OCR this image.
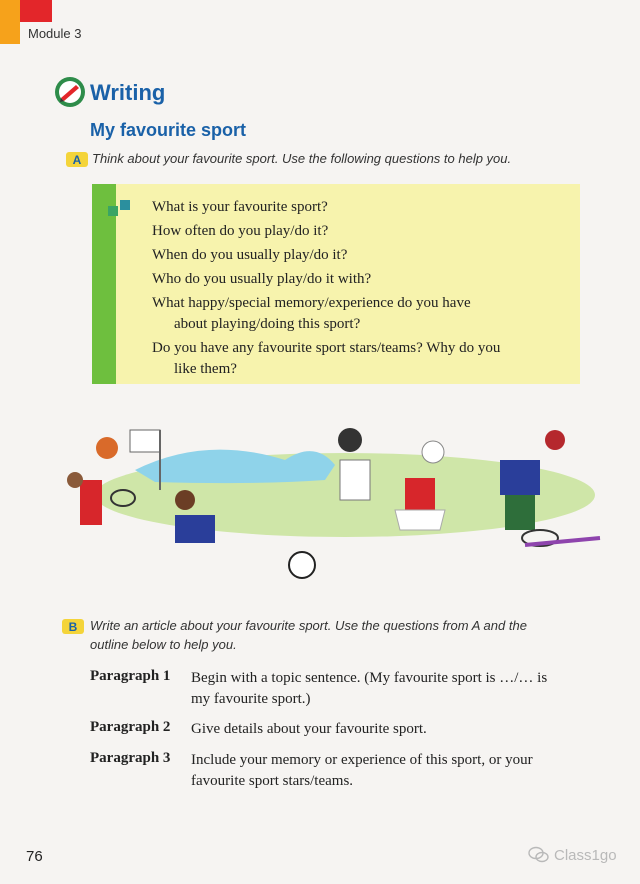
Module 3
Writing
My favourite sport
A Think about your favourite sport. Use the following questions to help you.
What is your favourite sport?
How often do you play/do it?
When do you usually play/do it?
Who do you usually play/do it with?
What happy/special memory/experience do you have
about playing/doing this sport?
Do you have any favourite sport stars/teams? Why do you
like them?
B Write an article about your favourite sport. Use the questions from A and the
outline below to help you.
Paragraph 1	Begin with a topic sentence. (My favourite sport is …/… is
my favourite sport.)
Paragraph 2	Give details about your favourite sport.
Paragraph 3	Include your memory or experience of this sport, or your
favourite sport stars/teams.
76	Class1go
